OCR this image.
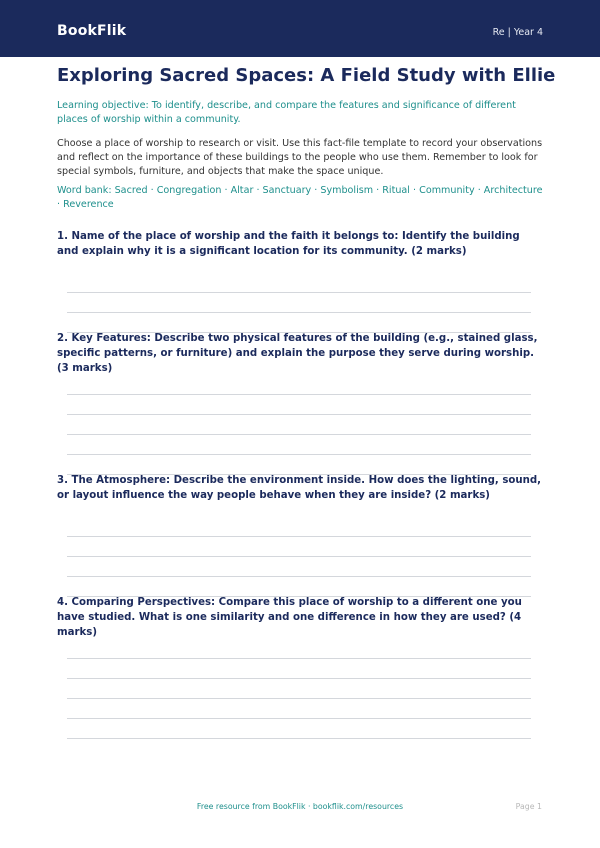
BookFlik	Re | Year 4
Exploring Sacred Spaces: A Field Study with Ellie

Learning objective: To identify, describe, and compare the features and significance of different places of worship within a community.

Choose a place of worship to research or visit. Use this fact-file template to record your observations and reflect on the importance of these buildings to the people who use them. Remember to look for special symbols, furniture, and objects that make the space unique.

Word bank: Sacred · Congregation · Altar · Sanctuary · Symbolism · Ritual · Community · Architecture · Reverence

1. Name of the place of worship and the faith it belongs to: Identify the building and explain why it is a significant location for its community. (2 marks)

2. Key Features: Describe two physical features of the building (e.g., stained glass, specific patterns, or furniture) and explain the purpose they serve during worship. (3 marks)

3. The Atmosphere: Describe the environment inside. How does the lighting, sound, or layout influence the way people behave when they are inside? (2 marks)

4. Comparing Perspectives: Compare this place of worship to a different one you have studied. What is one similarity and one difference in how they are used? (4 marks)

Free resource from BookFlik · bookflik.com/resources	Page 1
